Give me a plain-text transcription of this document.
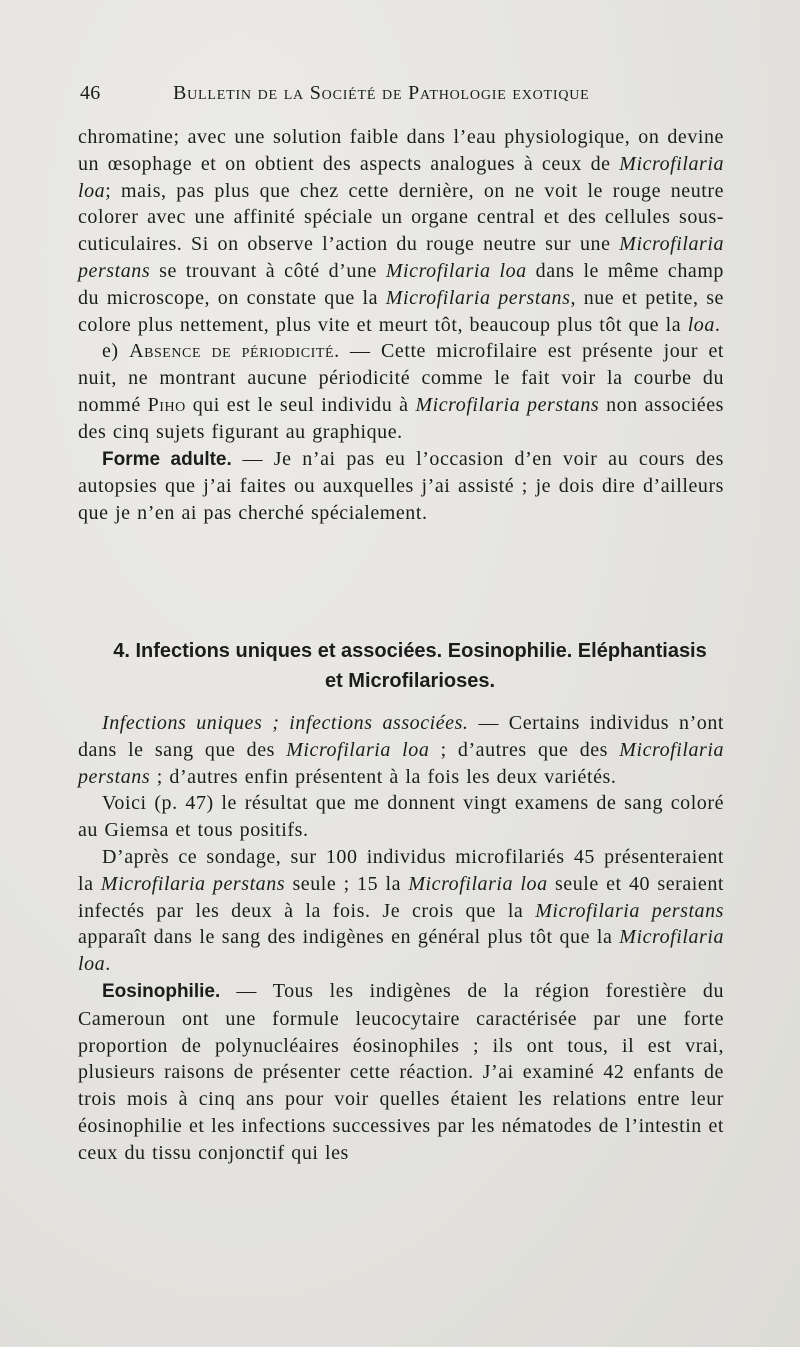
46	Bulletin de la Société de Pathologie exotique

chromatine; avec une solution faible dans l’eau physiologique, on devine un œsophage et on obtient des aspects analogues à ceux de Microfilaria loa; mais, pas plus que chez cette dernière, on ne voit le rouge neutre colorer avec une affinité spéciale un organe central et des cellules sous-cuticulaires. Si on observe l’action du rouge neutre sur une Microfilaria perstans se trouvant à côté d’une Microfilaria loa dans le même champ du microscope, on constate que la Microfilaria perstans, nue et petite, se colore plus nettement, plus vite et meurt tôt, beaucoup plus tôt que la loa.

e) Absence de périodicité. — Cette microfilaire est présente jour et nuit, ne montrant aucune périodicité comme le fait voir la courbe du nommé Piho qui est le seul individu à Microfilaria perstans non associées des cinq sujets figurant au graphique.

Forme adulte. — Je n’ai pas eu l’occasion d’en voir au cours des autopsies que j’ai faites ou auxquelles j’ai assisté ; je dois dire d’ailleurs que je n’en ai pas cherché spécialement.

4. Infections uniques et associées. Eosinophilie. Eléphantiasis
et Microfilarioses.

Infections uniques ; infections associées. — Certains individus n’ont dans le sang que des Microfilaria loa ; d’autres que des Microfilaria perstans ; d’autres enfin présentent à la fois les deux variétés.

Voici (p. 47) le résultat que me donnent vingt examens de sang coloré au Giemsa et tous positifs.

D’après ce sondage, sur 100 individus microfilariés 45 présenteraient la Microfilaria perstans seule ; 15 la Microfilaria loa seule et 40 seraient infectés par les deux à la fois. Je crois que la Microfilaria perstans apparaît dans le sang des indigènes en général plus tôt que la Microfilaria loa.

Eosinophilie. — Tous les indigènes de la région forestière du Cameroun ont une formule leucocytaire caractérisée par une forte proportion de polynucléaires éosinophiles ; ils ont tous, il est vrai, plusieurs raisons de présenter cette réaction. J’ai examiné 42 enfants de trois mois à cinq ans pour voir quelles étaient les relations entre leur éosinophilie et les infections successives par les nématodes de l’intestin et ceux du tissu conjonctif qui les
